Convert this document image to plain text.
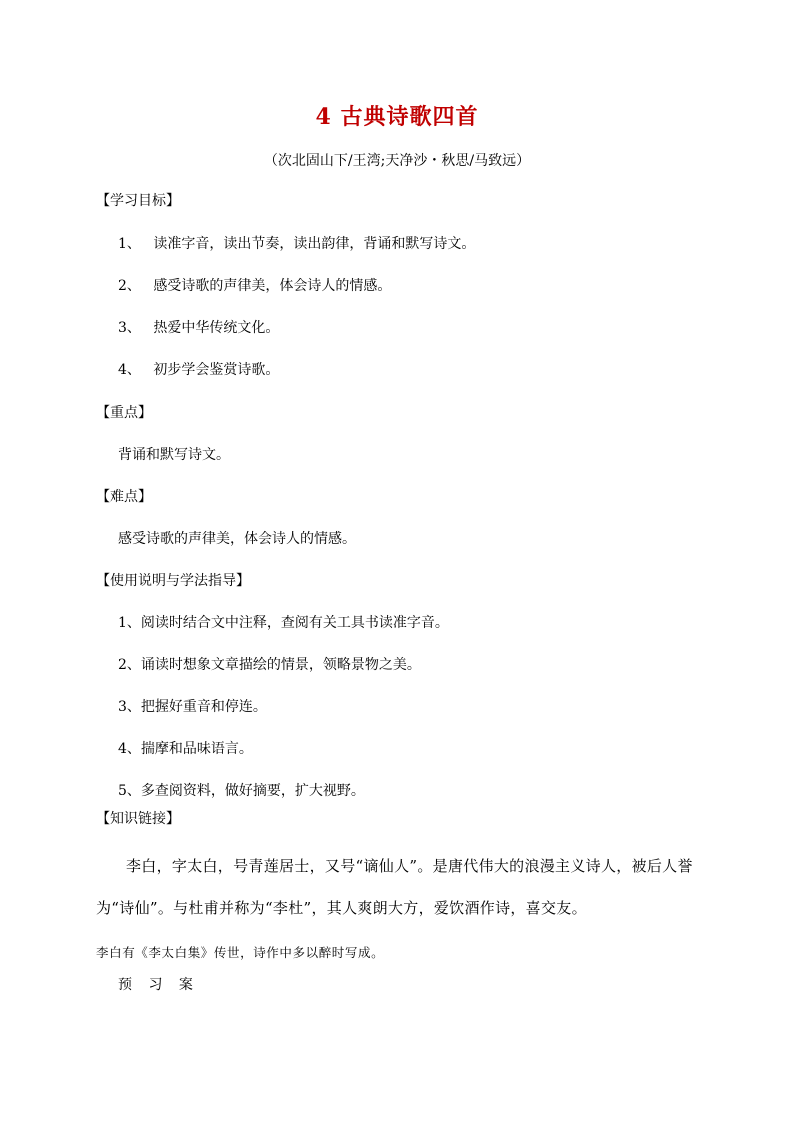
4 古典诗歌四首
（次北固山下/王湾;天净沙・秋思/马致远）
【学习目标】
1、 读准字音，读出节奏，读出韵律，背诵和默写诗文。
2、 感受诗歌的声律美，体会诗人的情感。
3、 热爱中华传统文化。
4、 初步学会鉴赏诗歌。
【重点】
背诵和默写诗文。
【难点】
感受诗歌的声律美，体会诗人的情感。
【使用说明与学法指导】
1、阅读时结合文中注释，查阅有关工具书读准字音。
2、诵读时想象文章描绘的情景，领略景物之美。
3、把握好重音和停连。
4、揣摩和品味语言。
5、多查阅资料，做好摘要，扩大视野。
【知识链接】
李白，字太白，号青莲居士，又号“谪仙人”。是唐代伟大的浪漫主义诗人，被后人誉为“诗仙”。与杜甫并称为“李杜”，其人爽朗大方，爱饮酒作诗，喜交友。
李白有《李太白集》传世，诗作中多以醉时写成。
预 习 案
